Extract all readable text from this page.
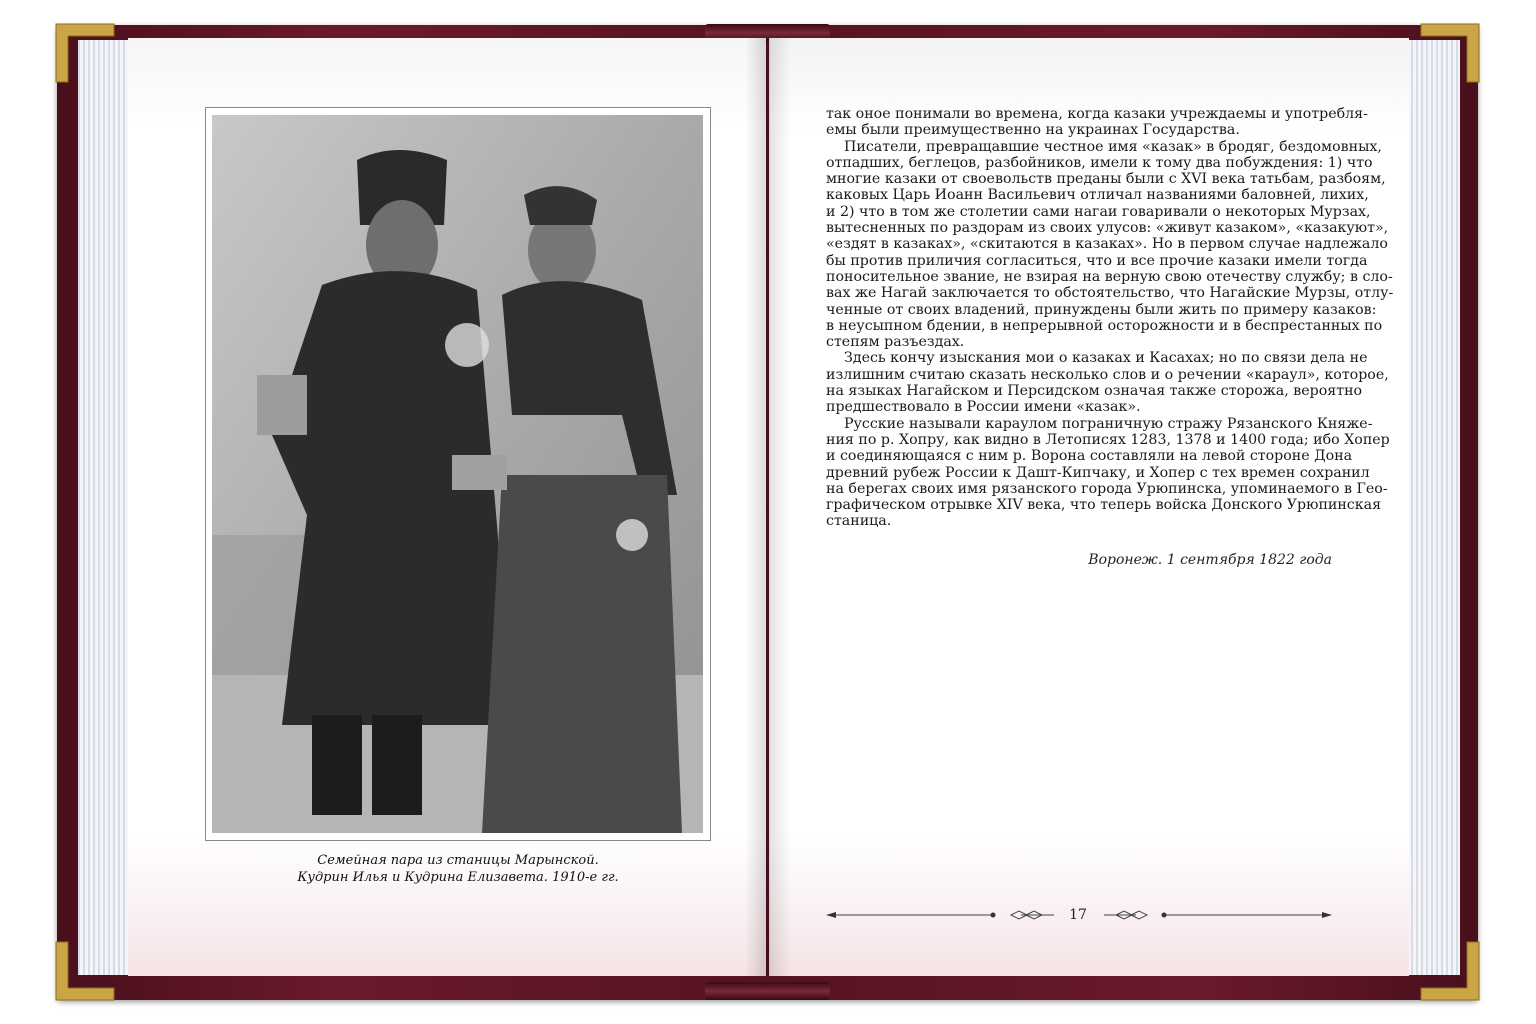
Семейная пара из станицы Марынской.
Кудрин Илья и Кудрина Елизавета. 1910-е гг.
так оное понимали во времена, когда казаки учреждаемы и употребля-
емы были преимущественно на украинах Государства.
Писатели, превращавшие честное имя «казак» в бродяг, бездомовных,
отпадших, беглецов, разбойников, имели к тому два побуждения: 1) что
многие казаки от своевольств преданы были с XVI века татьбам, разбоям,
каковых Царь Иоанн Васильевич отличал названиями баловней, лихих,
и 2) что в том же столетии сами нагаи говаривали о некоторых Мурзах,
вытесненных по раздорам из своих улусов: «живут казаком», «казакуют»,
«ездят в казаках», «скитаются в казаках». Но в первом случае надлежало
бы против приличия согласиться, что и все прочие казаки имели тогда
поносительное звание, не взирая на верную свою отечеству службу; в сло-
вах же Нагай заключается то обстоятельство, что Нагайские Мурзы, отлу-
ченные от своих владений, принуждены были жить по примеру казаков:
в неусыпном бдении, в непрерывной осторожности и в беспрестанных по
степям разъездах.
Здесь кончу изыскания мои о казаках и Касахах; но по связи дела не
излишним считаю сказать несколько слов и о речении «караул», которое,
на языках Нагайском и Персидском означая также сторожа, вероятно
предшествовало в России имени «казак».
Русские называли караулом пограничную стражу Рязанского Княже-
ния по р. Хопру, как видно в Летописях 1283, 1378 и 1400 года; ибо Хопер
и соединяющаяся с ним р. Ворона составляли на левой стороне Дона
древний рубеж России к Дашт-Кипчаку, и Хопер с тех времен сохранил
на берегах своих имя рязанского города Урюпинска, упоминаемого в Гео-
графическом отрывке XIV века, что теперь войска Донского Урюпинская
станица.
Воронеж. 1 сентября 1822 года
17
